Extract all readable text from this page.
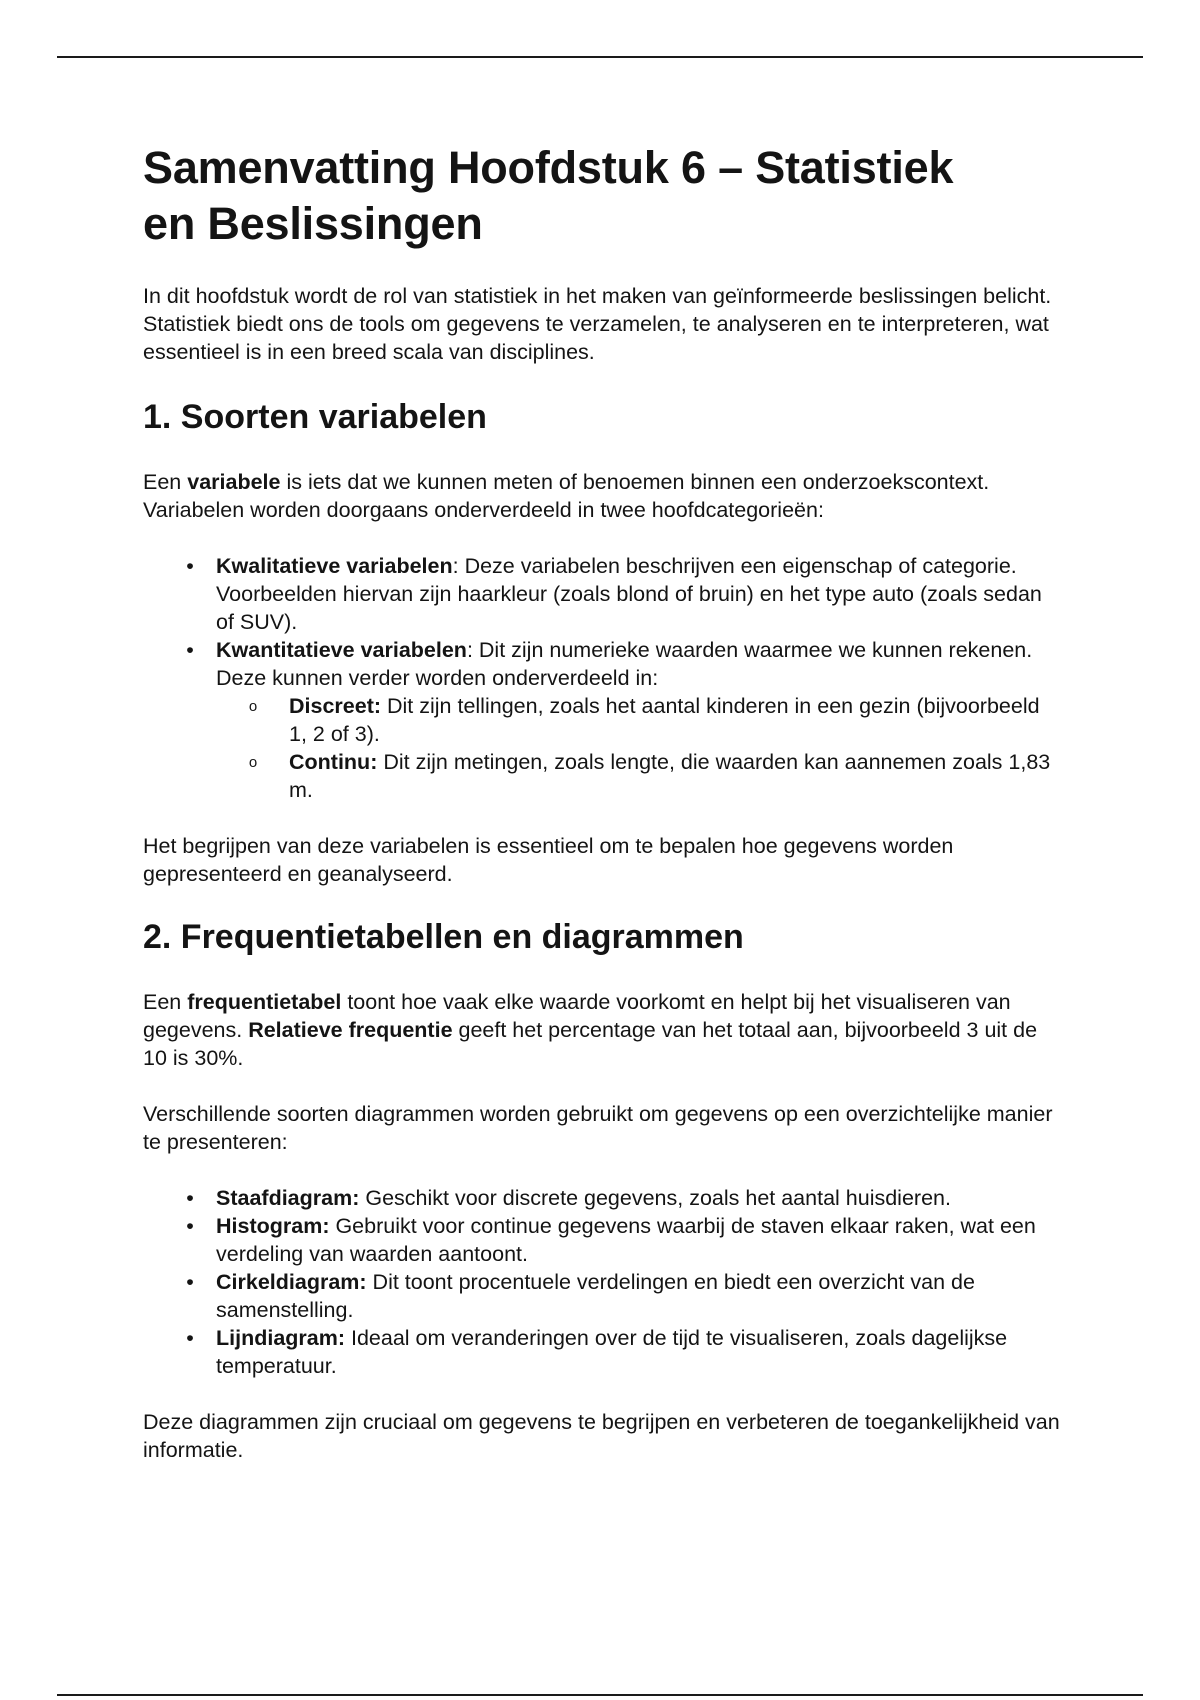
Samenvatting Hoofdstuk 6 – Statistiek
en Beslissingen

In dit hoofdstuk wordt de rol van statistiek in het maken van geïnformeerde beslissingen belicht. Statistiek biedt ons de tools om gegevens te verzamelen, te analyseren en te interpreteren, wat essentieel is in een breed scala van disciplines.

1. Soorten variabelen

Een variabele is iets dat we kunnen meten of benoemen binnen een onderzoekscontext. Variabelen worden doorgaans onderverdeeld in twee hoofdcategorieën:

• Kwalitatieve variabelen: Deze variabelen beschrijven een eigenschap of categorie. Voorbeelden hiervan zijn haarkleur (zoals blond of bruin) en het type auto (zoals sedan of SUV).
• Kwantitatieve variabelen: Dit zijn numerieke waarden waarmee we kunnen rekenen. Deze kunnen verder worden onderverdeeld in:
o Discreet: Dit zijn tellingen, zoals het aantal kinderen in een gezin (bijvoorbeeld 1, 2 of 3).
o Continu: Dit zijn metingen, zoals lengte, die waarden kan aannemen zoals 1,83 m.

Het begrijpen van deze variabelen is essentieel om te bepalen hoe gegevens worden gepresenteerd en geanalyseerd.

2. Frequentietabellen en diagrammen

Een frequentietabel toont hoe vaak elke waarde voorkomt en helpt bij het visualiseren van gegevens. Relatieve frequentie geeft het percentage van het totaal aan, bijvoorbeeld 3 uit de 10 is 30%.

Verschillende soorten diagrammen worden gebruikt om gegevens op een overzichtelijke manier te presenteren:

• Staafdiagram: Geschikt voor discrete gegevens, zoals het aantal huisdieren.
• Histogram: Gebruikt voor continue gegevens waarbij de staven elkaar raken, wat een verdeling van waarden aantoont.
• Cirkeldiagram: Dit toont procentuele verdelingen en biedt een overzicht van de samenstelling.
• Lijndiagram: Ideaal om veranderingen over de tijd te visualiseren, zoals dagelijkse temperatuur.

Deze diagrammen zijn cruciaal om gegevens te begrijpen en verbeteren de toegankelijkheid van informatie.
